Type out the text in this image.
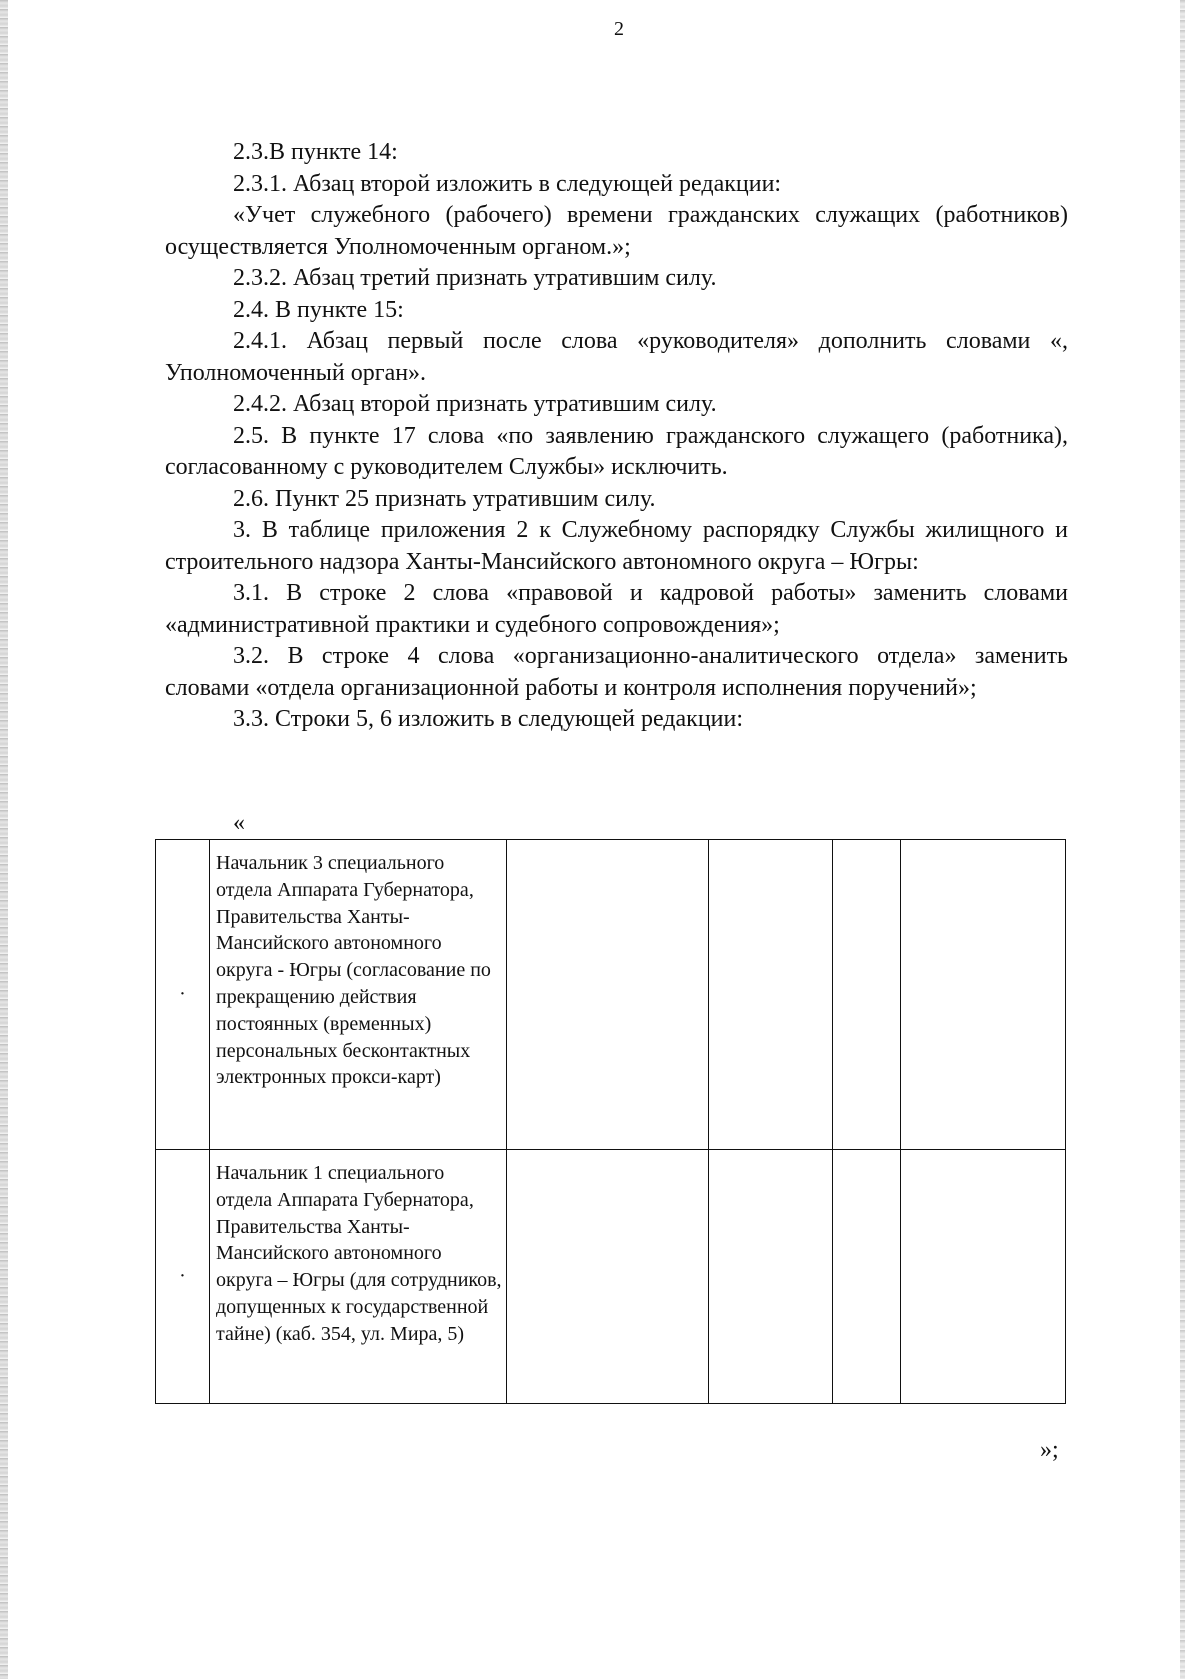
2

2.3.В пункте 14:

2.3.1. Абзац второй изложить в следующей редакции:

«Учет служебного (рабочего) времени гражданских служащих (работников) осуществляется Уполномоченным органом.»;

2.3.2. Абзац третий признать утратившим силу.

2.4. В пункте 15:

2.4.1. Абзац первый после слова «руководителя» дополнить словами «, Уполномоченный орган».

2.4.2. Абзац второй признать утратившим силу.

2.5. В пункте 17 слова «по заявлению гражданского служащего (работника), согласованному с руководителем Службы» исключить.

2.6. Пункт 25 признать утратившим силу.

3. В таблице приложения 2 к Служебному распорядку Службы жилищного и строительного надзора Ханты-Мансийского автономного округа – Югры:

3.1. В строке 2 слова «правовой и кадровой работы» заменить словами «административной практики и судебного сопровождения»;

3.2. В строке 4 слова «организационно-аналитического отдела» заменить словами «отдела организационной работы и контроля исполнения поручений»;

3.3. Строки 5, 6 изложить в следующей редакции:

«
·	Начальник 3 специального отдела Аппарата Губернатора, Правительства Ханты-Мансийского автономного округа - Югры (согласование по прекращению действия постоянных (временных) персональных бесконтактных электронных прокси-карт)				
·	Начальник 1 специального отдела Аппарата Губернатора, Правительства Ханты-Мансийского автономного округа – Югры (для сотрудников, допущенных к государственной тайне) (каб. 354, ул. Мира, 5)				
»;
